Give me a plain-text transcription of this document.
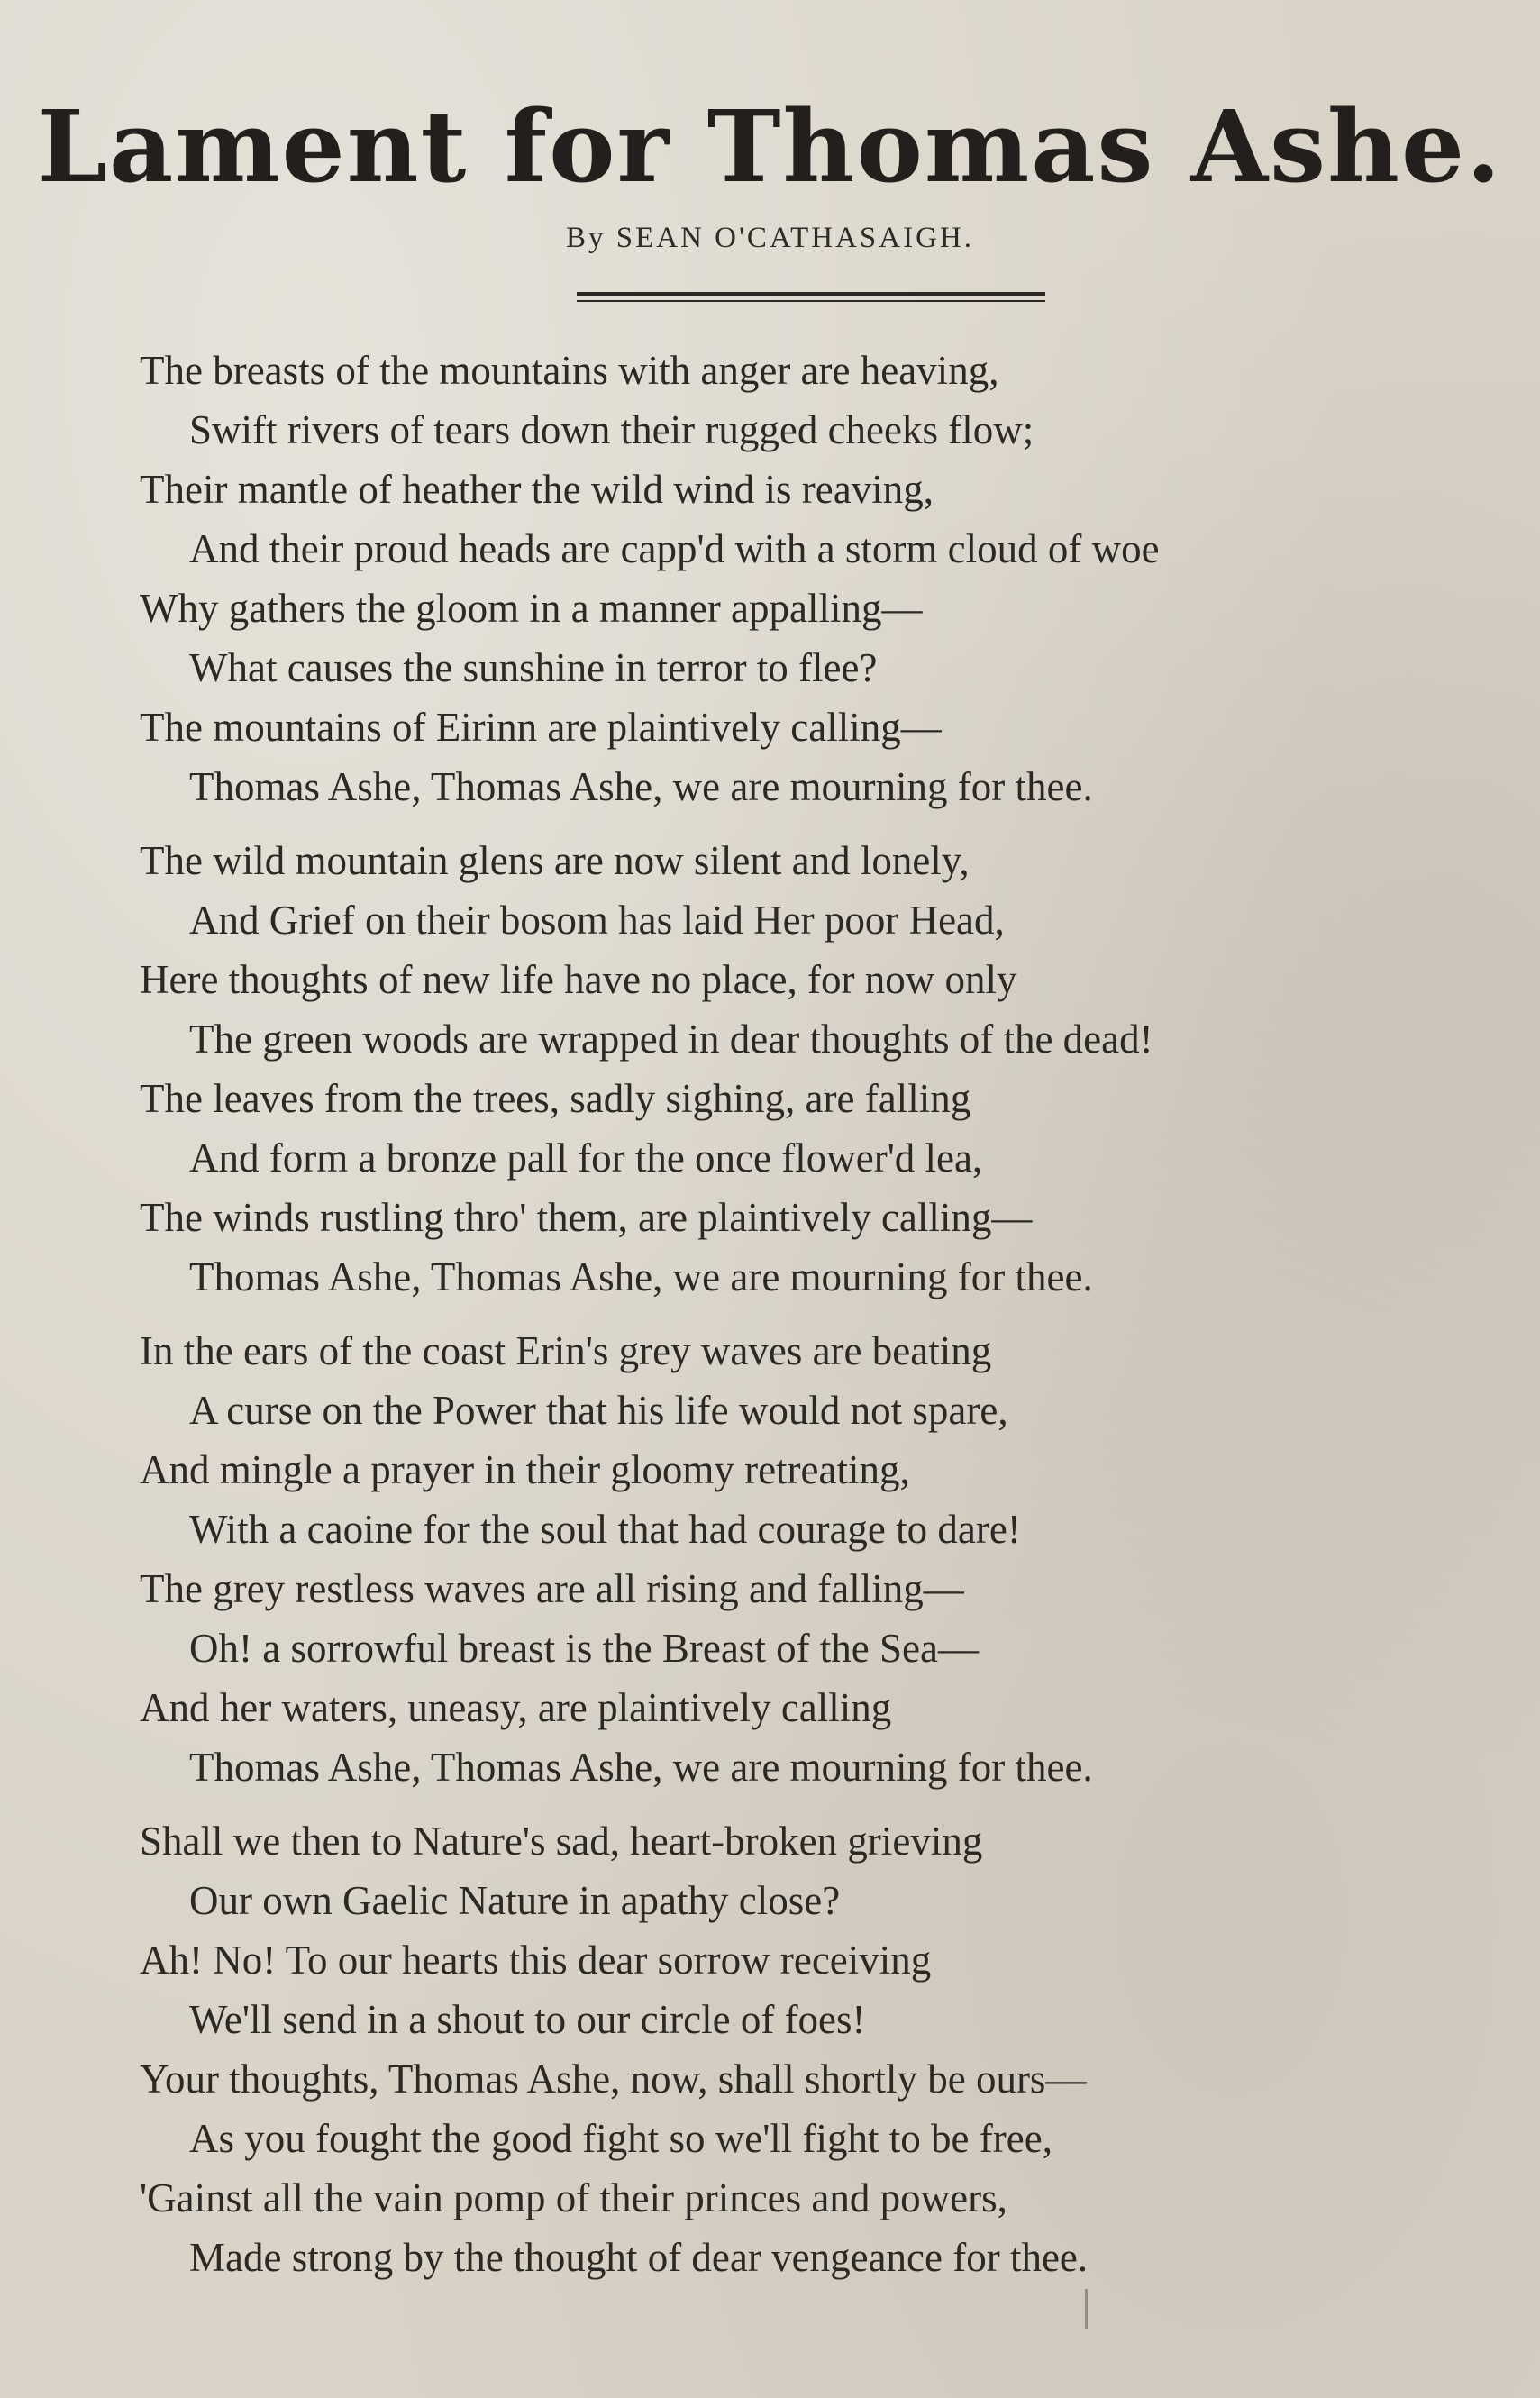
Lament for Thomas Ashe.
By SEAN O'CATHASAIGH.
The breasts of the mountains with anger are heaving,
Swift rivers of tears down their rugged cheeks flow;
Their mantle of heather the wild wind is reaving,
And their proud heads are capp'd with a storm cloud of woe
Why gathers the gloom in a manner appalling—
What causes the sunshine in terror to flee?
The mountains of Eirinn are plaintively calling—
Thomas Ashe, Thomas Ashe, we are mourning for thee.
The wild mountain glens are now silent and lonely,
And Grief on their bosom has laid Her poor Head,
Here thoughts of new life have no place, for now only
The green woods are wrapped in dear thoughts of the dead!
The leaves from the trees, sadly sighing, are falling
And form a bronze pall for the once flower'd lea,
The winds rustling thro' them, are plaintively calling—
Thomas Ashe, Thomas Ashe, we are mourning for thee.
In the ears of the coast Erin's grey waves are beating
A curse on the Power that his life would not spare,
And mingle a prayer in their gloomy retreating,
With a caoine for the soul that had courage to dare!
The grey restless waves are all rising and falling—
Oh! a sorrowful breast is the Breast of the Sea—
And her waters, uneasy, are plaintively calling
Thomas Ashe, Thomas Ashe, we are mourning for thee.
Shall we then to Nature's sad, heart-broken grieving
Our own Gaelic Nature in apathy close?
Ah! No! To our hearts this dear sorrow receiving
We'll send in a shout to our circle of foes!
Your thoughts, Thomas Ashe, now, shall shortly be ours—
As you fought the good fight so we'll fight to be free,
'Gainst all the vain pomp of their princes and powers,
Made strong by the thought of dear vengeance for thee.
